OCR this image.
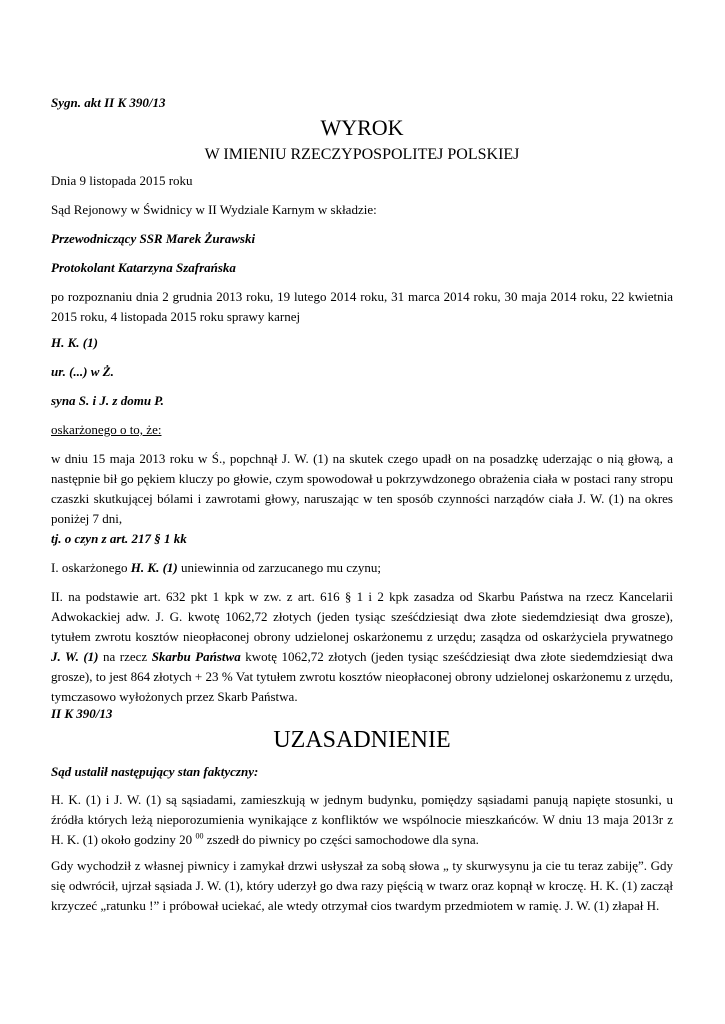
Sygn. akt II K 390/13

WYROK
W IMIENIU RZECZYPOSPOLITEJ POLSKIEJ

Dnia 9 listopada 2015 roku

Sąd Rejonowy w Świdnicy w II Wydziale Karnym w składzie:

Przewodniczący SSR Marek Żurawski

Protokolant Katarzyna Szafrańska

po rozpoznaniu dnia 2 grudnia 2013 roku, 19 lutego 2014 roku, 31 marca 2014 roku, 30 maja 2014 roku, 22 kwietnia 2015 roku, 4 listopada 2015 roku sprawy karnej

H. K. (1)

ur. (...) w Ż.

syna S. i J. z domu P.

oskarżonego o to, że:

w dniu 15 maja 2013 roku w Ś., popchnął J. W. (1) na skutek czego upadł on na posadzkę uderzając o nią głową, a następnie bił go pękiem kluczy po głowie, czym spowodował u pokrzywdzonego obrażenia ciała w postaci rany stropu czaszki skutkującej bólami i zawrotami głowy, naruszając w ten sposób czynności narządów ciała J. W. (1) na okres poniżej 7 dni,

tj. o czyn z art. 217 § 1 kk

I. oskarżonego H. K. (1) uniewinnia od zarzucanego mu czynu;

II. na podstawie art. 632 pkt 1 kpk w zw. z art. 616 § 1 i 2 kpk zasadza od Skarbu Państwa na rzecz Kancelarii Adwokackiej adw. J. G. kwotę 1062,72 złotych (jeden tysiąc sześćdziesiąt dwa złote siedemdziesiąt dwa grosze), tytułem zwrotu kosztów nieopłaconej obrony udzielonej oskarżonemu z urzędu; zasądza od oskarżyciela prywatnego J. W. (1) na rzecz Skarbu Państwa kwotę 1062,72 złotych (jeden tysiąc sześćdziesiąt dwa złote siedemdziesiąt dwa grosze), to jest 864 złotych + 23 % Vat tytułem zwrotu kosztów nieopłaconej obrony udzielonej oskarżonemu z urzędu, tymczasowo wyłożonych przez Skarb Państwa.

II K 390/13

UZASADNIENIE

Sąd ustalił następujący stan faktyczny:

H. K. (1) i J. W. (1) są sąsiadami, zamieszkują w jednym budynku, pomiędzy sąsiadami panują napięte stosunki, u źródła których leżą nieporozumienia wynikające z konfliktów we wspólnocie mieszkańców. W dniu 13 maja 2013r z H. K. (1) około godziny 20 $^{00}$ zszedł do piwnicy po części samochodowe dla syna.

Gdy wychodził z własnej piwnicy i zamykał drzwi usłyszał za sobą słowa „ ty skurwysynu ja cie tu teraz zabiję”. Gdy się odwrócił, ujrzał sąsiada J. W. (1), który uderzył go dwa razy pięścią w twarz oraz kopnął w kroczę. H. K. (1) zaczął krzyczeć „ratunku !” i próbował uciekać, ale wtedy otrzymał cios twardym przedmiotem w ramię. J. W. (1) złapał H.
